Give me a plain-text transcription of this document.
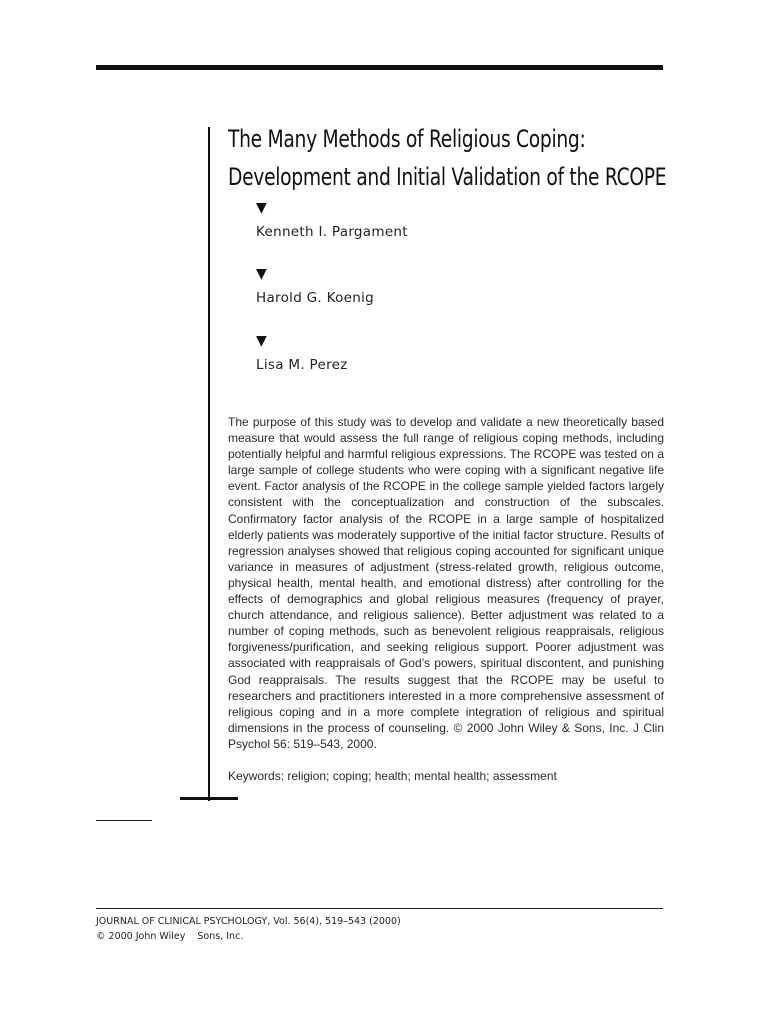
The Many Methods of Religious Coping:
Development and Initial Validation of the RCOPE
▼
Kenneth I. Pargament
▼
Harold G. Koenig
▼
Lisa M. Perez

The purpose of this study was to develop and validate a new theoretically based measure that would assess the full range of religious coping methods, including potentially helpful and harmful religious expressions. The RCOPE was tested on a large sample of college students who were coping with a significant negative life event. Factor analysis of the RCOPE in the college sample yielded factors largely consistent with the conceptualization and construction of the subscales. Confirmatory factor analysis of the RCOPE in a large sample of hospitalized elderly patients was moderately supportive of the initial factor structure. Results of regression analyses showed that religious coping accounted for significant unique variance in measures of adjustment (stress-related growth, religious outcome, physical health, mental health, and emotional distress) after controlling for the effects of demographics and global religious measures (frequency of prayer, church attendance, and religious salience). Better adjustment was related to a number of coping methods, such as benevolent religious reappraisals, religious forgiveness/purification, and seeking religious support. Poorer adjustment was associated with reappraisals of God’s powers, spiritual discontent, and punishing God reappraisals. The results suggest that the RCOPE may be useful to researchers and practitioners interested in a more comprehensive assessment of religious coping and in a more complete integration of religious and spiritual dimensions in the process of counseling. © 2000 John Wiley & Sons, Inc. J Clin Psychol 56: 519–543, 2000.

Keywords: religion; coping; health; mental health; assessment

JOURNAL OF CLINICAL PSYCHOLOGY, Vol. 56(4), 519–543 (2000)
© 2000 John Wiley    Sons, Inc.
